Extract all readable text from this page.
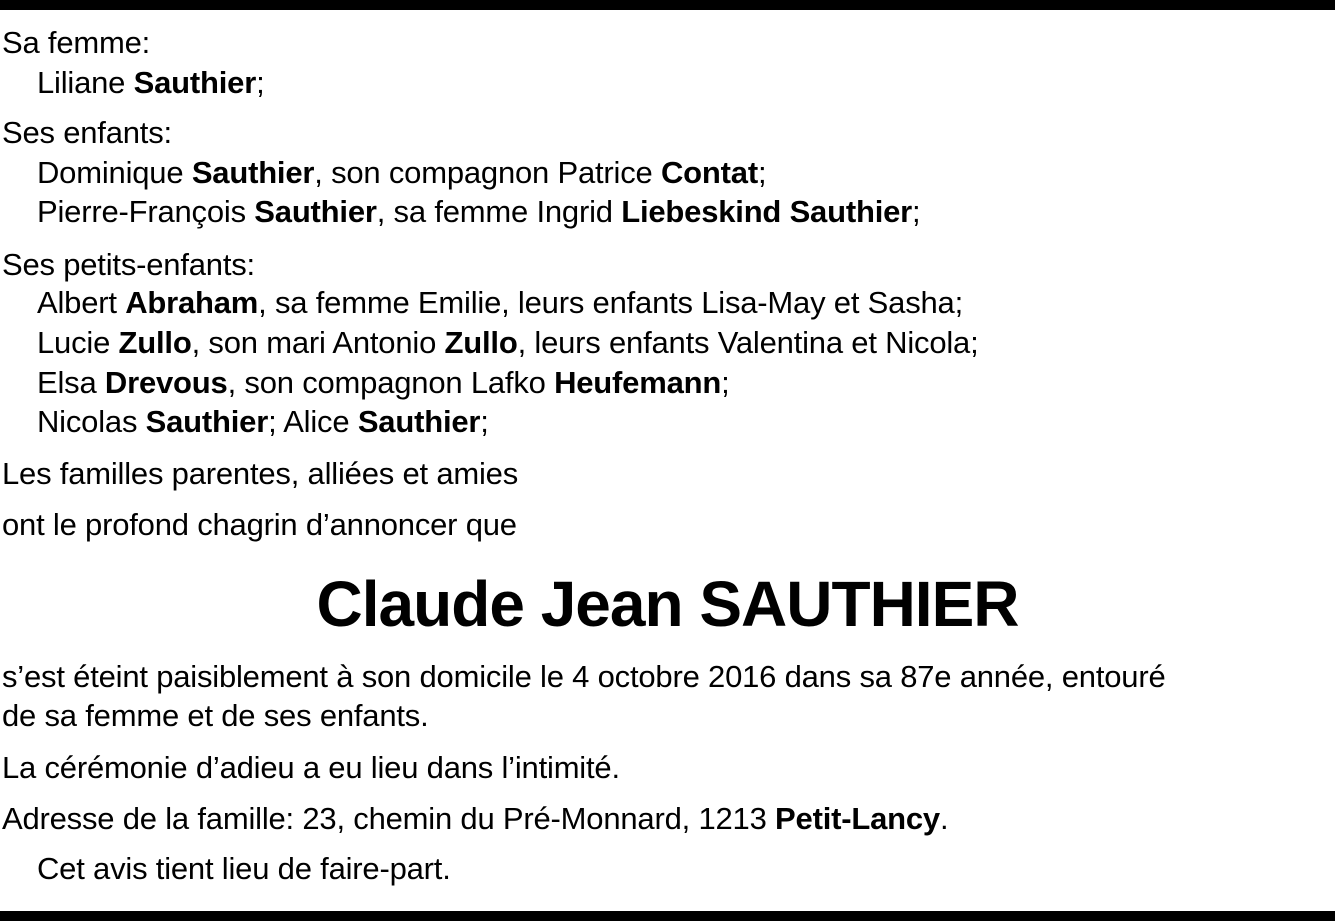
Sa femme:
Liliane Sauthier;
Ses enfants:
Dominique Sauthier, son compagnon Patrice Contat;
Pierre-François Sauthier, sa femme Ingrid Liebeskind Sauthier;
Ses petits-enfants:
Albert Abraham, sa femme Emilie, leurs enfants Lisa-May et Sasha;
Lucie Zullo, son mari Antonio Zullo, leurs enfants Valentina et Nicola;
Elsa Drevous, son compagnon Lafko Heufemann;
Nicolas Sauthier; Alice Sauthier;
Les familles parentes, alliées et amies
ont le profond chagrin d’annoncer que
Claude Jean SAUTHIER
s’est éteint paisiblement à son domicile le 4 octobre 2016 dans sa 87e année, entouré
de sa femme et de ses enfants.
La cérémonie d’adieu a eu lieu dans l’intimité.
Adresse de la famille: 23, chemin du Pré-Monnard, 1213 Petit-Lancy.
Cet avis tient lieu de faire-part.
